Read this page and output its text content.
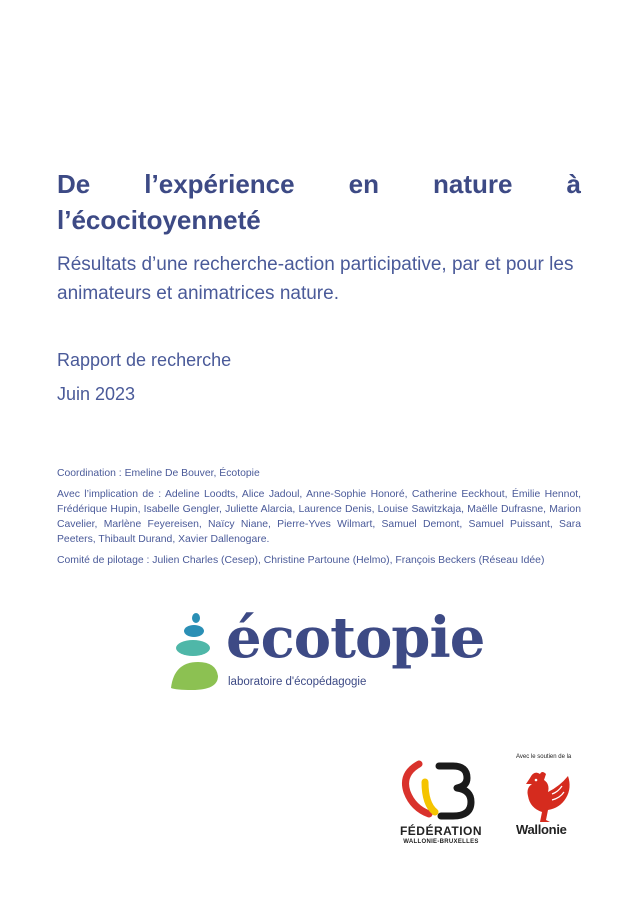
De l’expérience en nature à
l’écocitoyenneté

Résultats d’une recherche-action participative, par et pour les animateurs et animatrices nature.

Rapport de recherche

Juin 2023

Coordination : Emeline De Bouver, Écotopie

Avec l’implication de : Adeline Loodts, Alice Jadoul, Anne-Sophie Honoré, Catherine Eeckhout, Émilie Hennot, Frédérique Hupin, Isabelle Gengler, Juliette Alarcia, Laurence Denis, Louise Sawitzkaja, Maëlle Dufrasne, Marion Cavelier, Marlène Feyereisen, Naïcy Niane, Pierre-Yves Wilmart, Samuel Demont, Samuel Puissant, Sara Peeters, Thibault Durand, Xavier Dallenogare.

Comité de pilotage : Julien Charles (Cesep), Christine Partoune (Helmo), François Beckers (Réseau Idée)

écotopie

laboratoire d'écopédagogie

FÉDÉRATION

WALLONIE-BRUXELLES

Avec le soutien de la

Wallonie
